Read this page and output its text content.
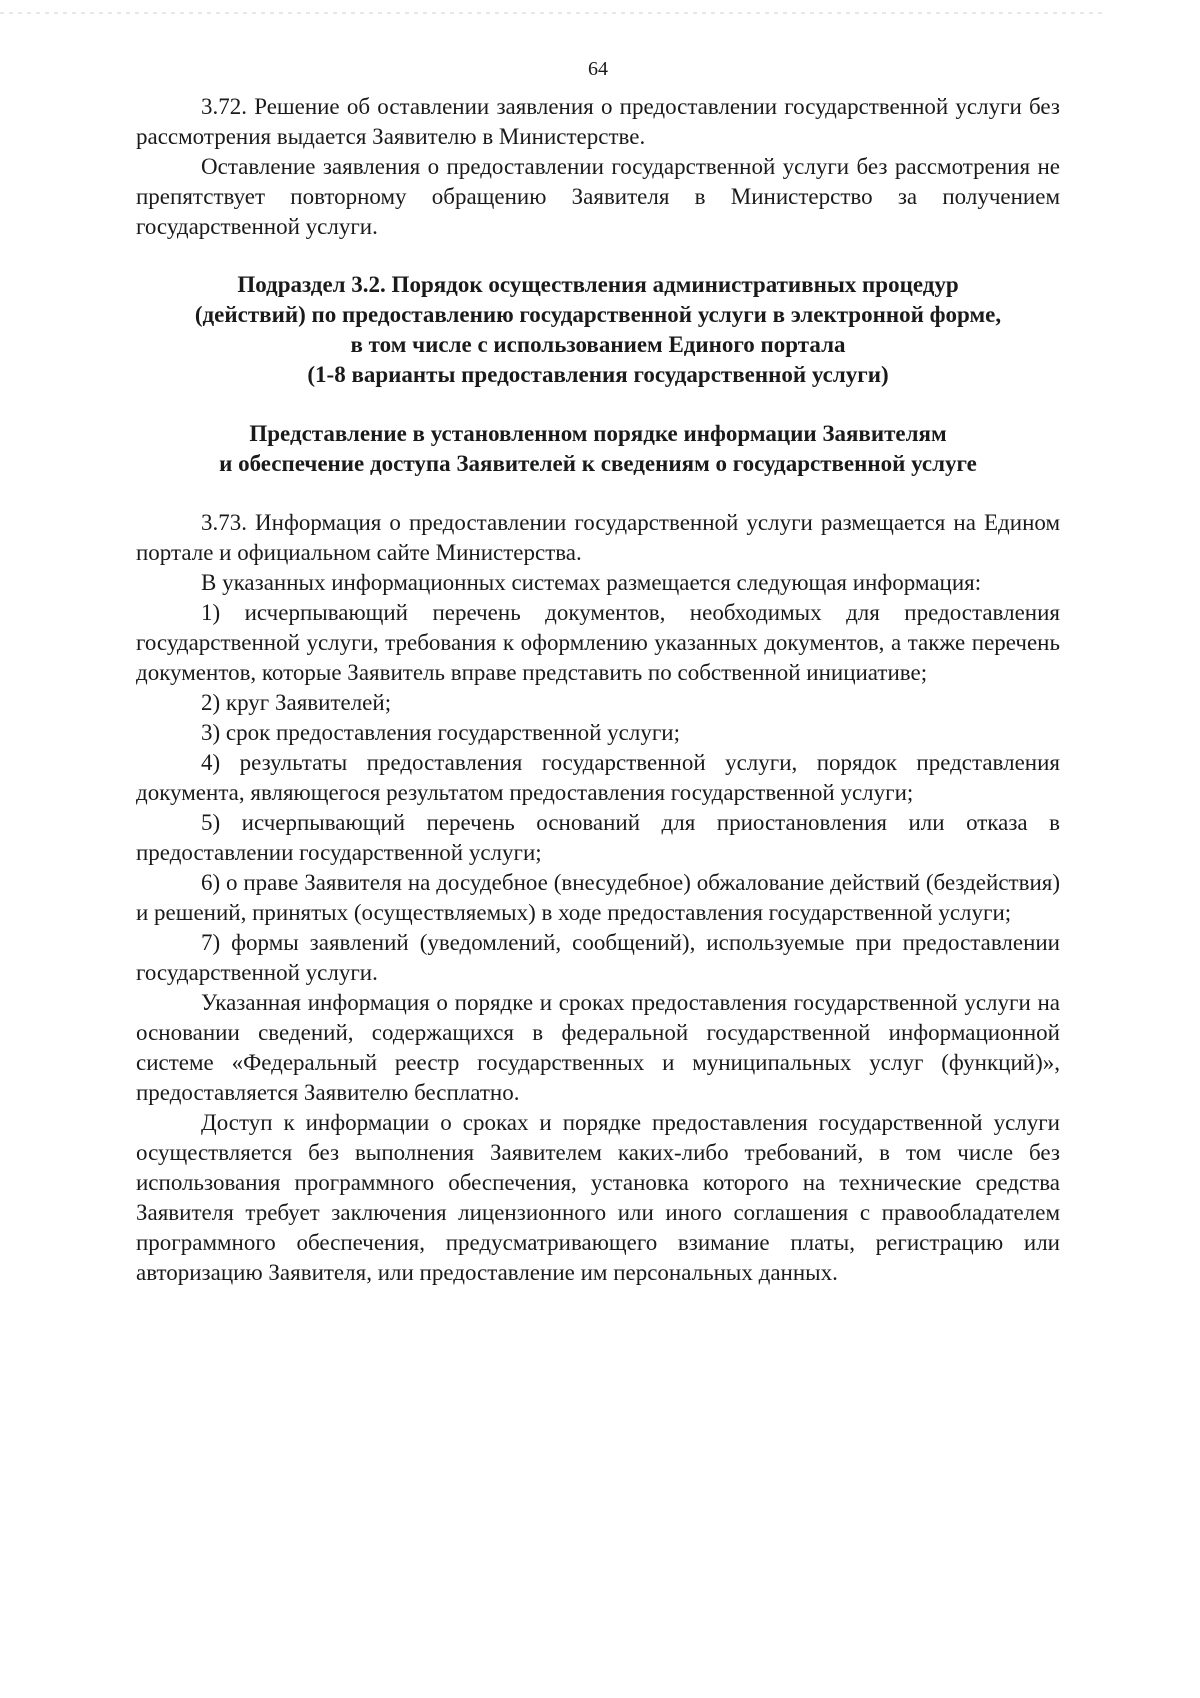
64

3.72. Решение об оставлении заявления о предоставлении государственной услуги без рассмотрения выдается Заявителю в Министерстве.

Оставление заявления о предоставлении государственной услуги без рассмотрения не препятствует повторному обращению Заявителя в Министерство за получением государственной услуги.

Подраздел 3.2. Порядок осуществления административных процедур
(действий) по предоставлению государственной услуги в электронной форме,
в том числе с использованием Единого портала
(1-8 варианты предоставления государственной услуги)
Представление в установленном порядке информации Заявителям
и обеспечение доступа Заявителей к сведениям о государственной услуге

3.73. Информация о предоставлении государственной услуги размещается на Едином портале и официальном сайте Министерства.

В указанных информационных системах размещается следующая информация:

1) исчерпывающий перечень документов, необходимых для предоставления государственной услуги, требования к оформлению указанных документов, а также перечень документов, которые Заявитель вправе представить по собственной инициативе;

2) круг Заявителей;

3) срок предоставления государственной услуги;

4) результаты предоставления государственной услуги, порядок представления документа, являющегося результатом предоставления государственной услуги;

5) исчерпывающий перечень оснований для приостановления или отказа в предоставлении государственной услуги;

6) о праве Заявителя на досудебное (внесудебное) обжалование действий (бездействия) и решений, принятых (осуществляемых) в ходе предоставления государственной услуги;

7) формы заявлений (уведомлений, сообщений), используемые при предоставлении государственной услуги.

Указанная информация о порядке и сроках предоставления государственной услуги на основании сведений, содержащихся в федеральной государственной информационной системе «Федеральный реестр государственных и муниципальных услуг (функций)», предоставляется Заявителю бесплатно.

Доступ к информации о сроках и порядке предоставления государственной услуги осуществляется без выполнения Заявителем каких-либо требований, в том числе без использования программного обеспечения, установка которого на технические средства Заявителя требует заключения лицензионного или иного соглашения с правообладателем программного обеспечения, предусматривающего взимание платы, регистрацию или авторизацию Заявителя, или предоставление им персональных данных.
